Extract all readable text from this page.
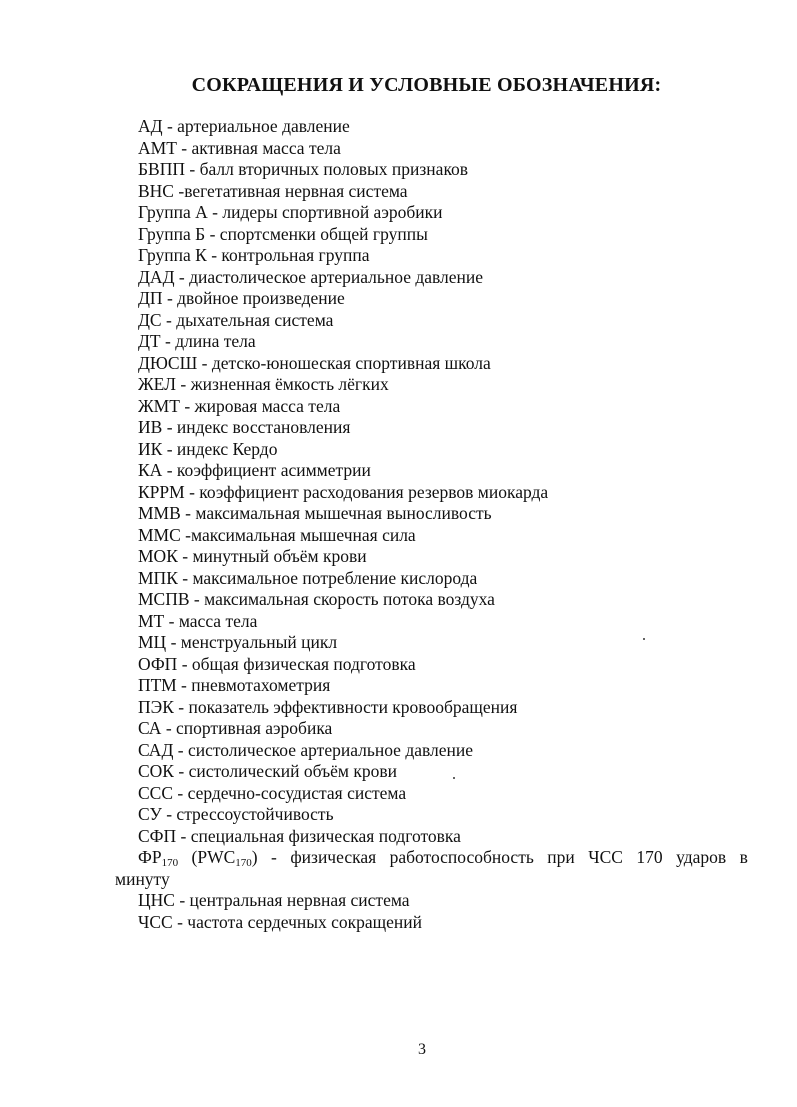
СОКРАЩЕНИЯ И УСЛОВНЫЕ ОБОЗНАЧЕНИЯ:
АД - артериальное давление
АМТ - активная масса тела
БВПП - балл вторичных половых признаков
ВНС -вегетативная нервная система
Группа А - лидеры спортивной аэробики
Группа Б - спортсменки общей группы
Группа К - контрольная группа
ДАД - диастолическое артериальное давление
ДП - двойное произведение
ДС - дыхательная система
ДТ - длина тела
ДЮСШ - детско-юношеская спортивная школа
ЖЕЛ - жизненная ёмкость лёгких
ЖМТ - жировая масса тела
ИВ - индекс восстановления
ИК - индекс Кердо
КА - коэффициент асимметрии
КРРМ - коэффициент расходования резервов миокарда
ММВ - максимальная мышечная выносливость
ММС -максимальная мышечная сила
МОК - минутный объём крови
МПК - максимальное потребление кислорода
МСПВ - максимальная скорость потока воздуха
МТ - масса тела
МЦ - менструальный цикл
ОФП - общая физическая подготовка
ПТМ - пневмотахометрия
ПЭК - показатель эффективности кровообращения
СА - спортивная аэробика
САД - систолическое артериальное давление
СОК - систолический объём крови
ССС - сердечно-сосудистая система
СУ - стрессоустойчивость
СФП - специальная физическая подготовка
$ФР_{170}$ $(PWC_{170})$ - физическая работоспособность при ЧСС 170 ударов в
минуту
ЦНС - центральная нервная система
ЧСС - частота сердечных сокращений
3
